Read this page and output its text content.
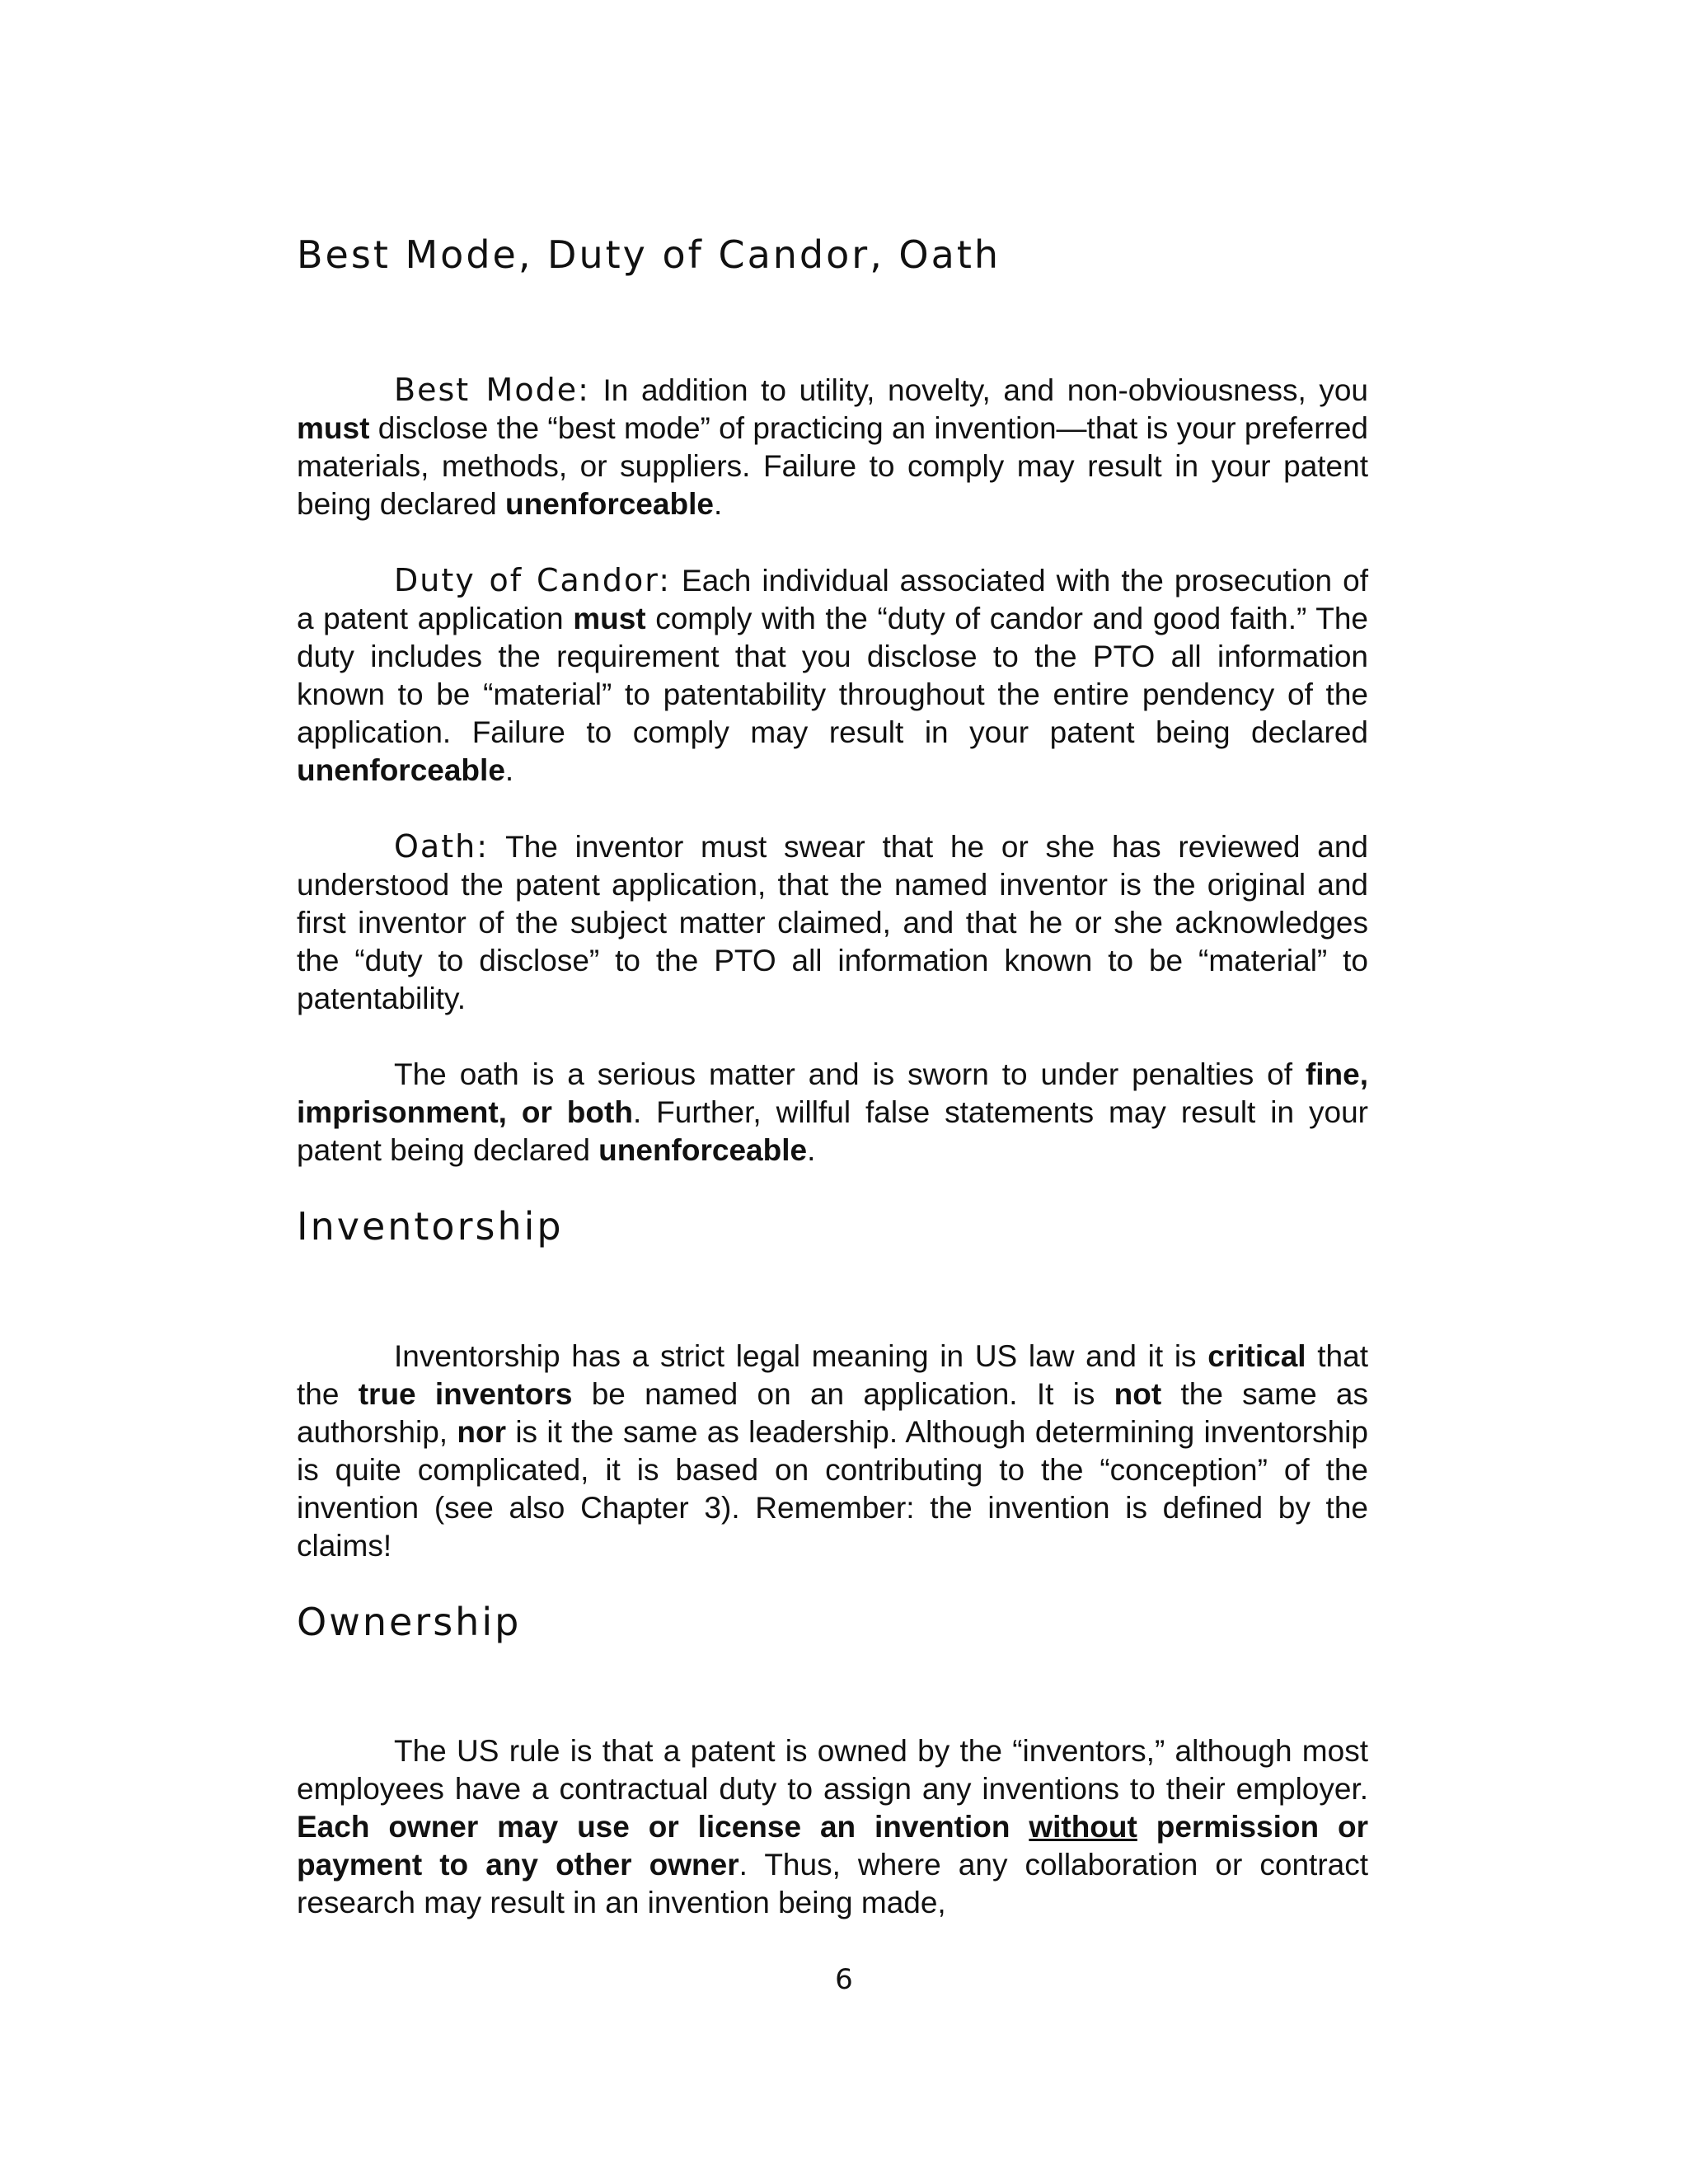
Best Mode, Duty of Candor, Oath

Best Mode: In addition to utility, novelty, and non-obviousness, you must disclose the “best mode” of practicing an invention—that is your preferred materials, methods, or suppliers. Failure to comply may result in your patent being declared unenforceable.

Duty of Candor: Each individual associated with the prosecution of a patent application must comply with the “duty of candor and good faith.” The duty includes the requirement that you disclose to the PTO all information known to be “material” to patentability throughout the entire pendency of the application. Failure to comply may result in your patent being declared unenforceable.

Oath: The inventor must swear that he or she has reviewed and understood the patent application, that the named inventor is the original and first inventor of the subject matter claimed, and that he or she acknowledges the “duty to disclose” to the PTO all information known to be “material” to patentability.

The oath is a serious matter and is sworn to under penalties of fine, imprisonment, or both. Further, willful false statements may result in your patent being declared unenforceable.

Inventorship

Inventorship has a strict legal meaning in US law and it is critical that the true inventors be named on an application. It is not the same as authorship, nor is it the same as leadership. Although determining inventorship is quite complicated, it is based on contributing to the “conception” of the invention (see also Chapter 3). Remember: the invention is defined by the claims!

Ownership

The US rule is that a patent is owned by the “inventors,” although most employees have a contractual duty to assign any inventions to their employer. Each owner may use or license an invention without permission or payment to any other owner. Thus, where any collaboration or contract research may result in an invention being made,

6
